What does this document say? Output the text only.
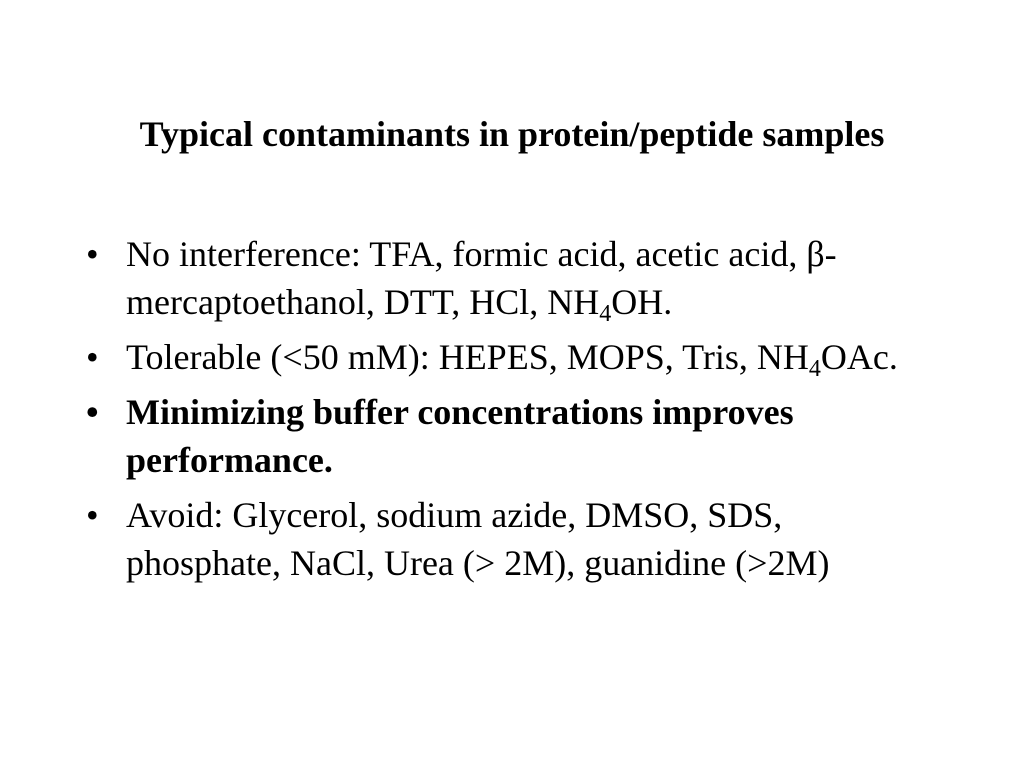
Typical contaminants in protein/peptide samples
• No interference: TFA, formic acid, acetic acid, β-mercaptoethanol, DTT, HCl, $NH_4OH$.
• Tolerable (<50 mM): HEPES, MOPS, Tris, $NH_4OAc$.
• Minimizing buffer concentrations improves performance.
• Avoid: Glycerol, sodium azide, DMSO, SDS, phosphate, NaCl, Urea (> 2M), guanidine (>2M)
